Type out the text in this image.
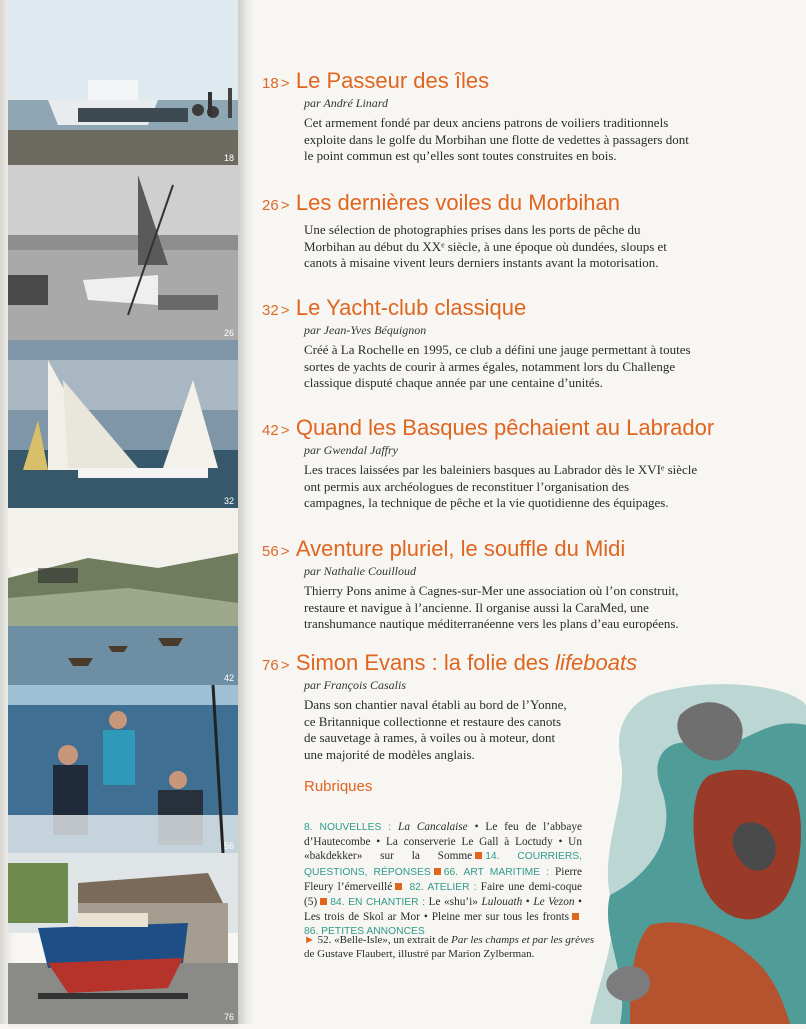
18
26
32
42
56
76
18 > Le Passeur des îles
par André Linard
Cet armement fondé par deux anciens patrons de voiliers traditionnels
exploite dans le golfe du Morbihan une flotte de vedettes à passagers dont
le point commun est qu’elles sont toutes construites en bois.
26 > Les dernières voiles du Morbihan
Une sélection de photographies prises dans les ports de pêche du
Morbihan au début du XXᵉ siècle, à une époque où dundées, sloups et
canots à misaine vivent leurs derniers instants avant la motorisation.
32 > Le Yacht-club classique
par Jean-Yves Béquignon
Créé à La Rochelle en 1995, ce club a défini une jauge permettant à toutes
sortes de yachts de courir à armes égales, notamment lors du Challenge
classique disputé chaque année par une centaine d’unités.
42 > Quand les Basques pêchaient au Labrador
par Gwendal Jaffry
Les traces laissées par les baleiniers basques au Labrador dès le XVIᵉ siècle
ont permis aux archéologues de reconstituer l’organisation des
campagnes, la technique de pêche et la vie quotidienne des équipages.
56 > Aventure pluriel, le souffle du Midi
par Nathalie Couilloud
Thierry Pons anime à Cagnes-sur-Mer une association où l’on construit,
restaure et navigue à l’ancienne. Il organise aussi la CaraMed, une
transhumance nautique méditerranéenne vers les plans d’eau européens.
76 > Simon Evans : la folie des lifeboats
par François Casalis
Dans son chantier naval établi au bord de l’Yonne,
ce Britannique collectionne et restaure des canots
de sauvetage à rames, à voiles ou à moteur, dont
une majorité de modèles anglais.
Rubriques
8. NOUVELLES : La Cancalaise • Le feu de l’abbaye d’Hautecombe • La conserverie Le Gall à Loctudy • Un «bakdekker» sur la Somme 14. COURRIERS, QUESTIONS, RÉPONSES 66. ART MARITIME : Pierre Fleury l’émerveillé 82. ATELIER : Faire une demi-coque (5) 84. EN CHANTIER : Le «shu’i» Lulouath • Le Vezon • Les trois de Skol ar Mor • Pleine mer sur tous les fronts86. PETITES ANNONCES
► 52. «Belle-Isle», un extrait de Par les champs et par les grèves de Gustave Flaubert, illustré par Marion Zylberman.
